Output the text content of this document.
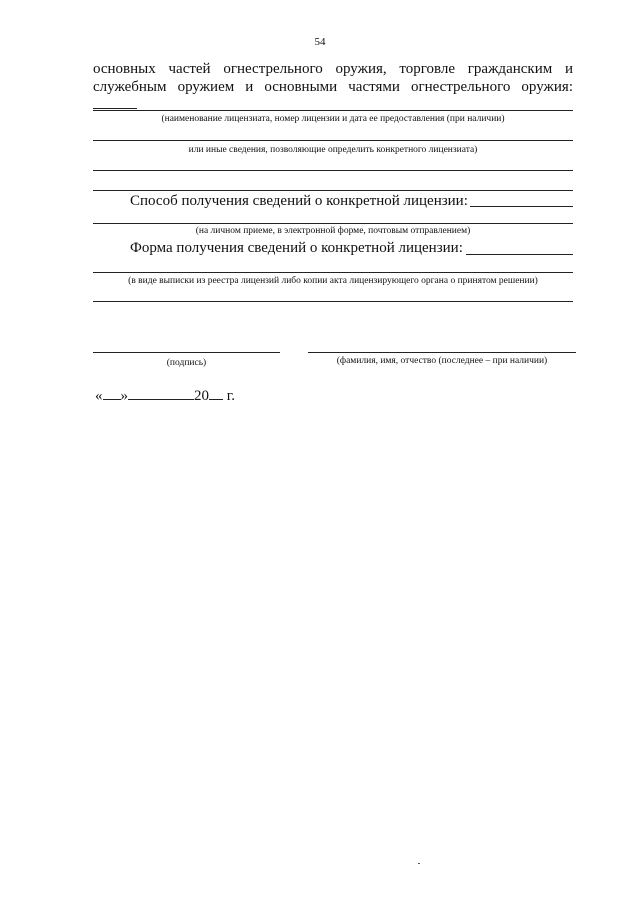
54
основных частей огнестрельного оружия, торговле гражданским и служебным оружием и основными частями огнестрельного оружия:
(наименование лицензиата, номер лицензии и дата ее предоставления (при наличии)
или иные сведения, позволяющие определить конкретного лицензиата)
Способ получения сведений о конкретной лицензии:
(на личном приеме, в электронной форме, почтовым отправлением)
Форма получения сведений о конкретной лицензии:
(в виде выписки из реестра лицензий либо копии акта лицензирующего органа о принятом решении)
(подпись)	(фамилия, имя, отчество (последнее – при наличии)
« »	20 г.
